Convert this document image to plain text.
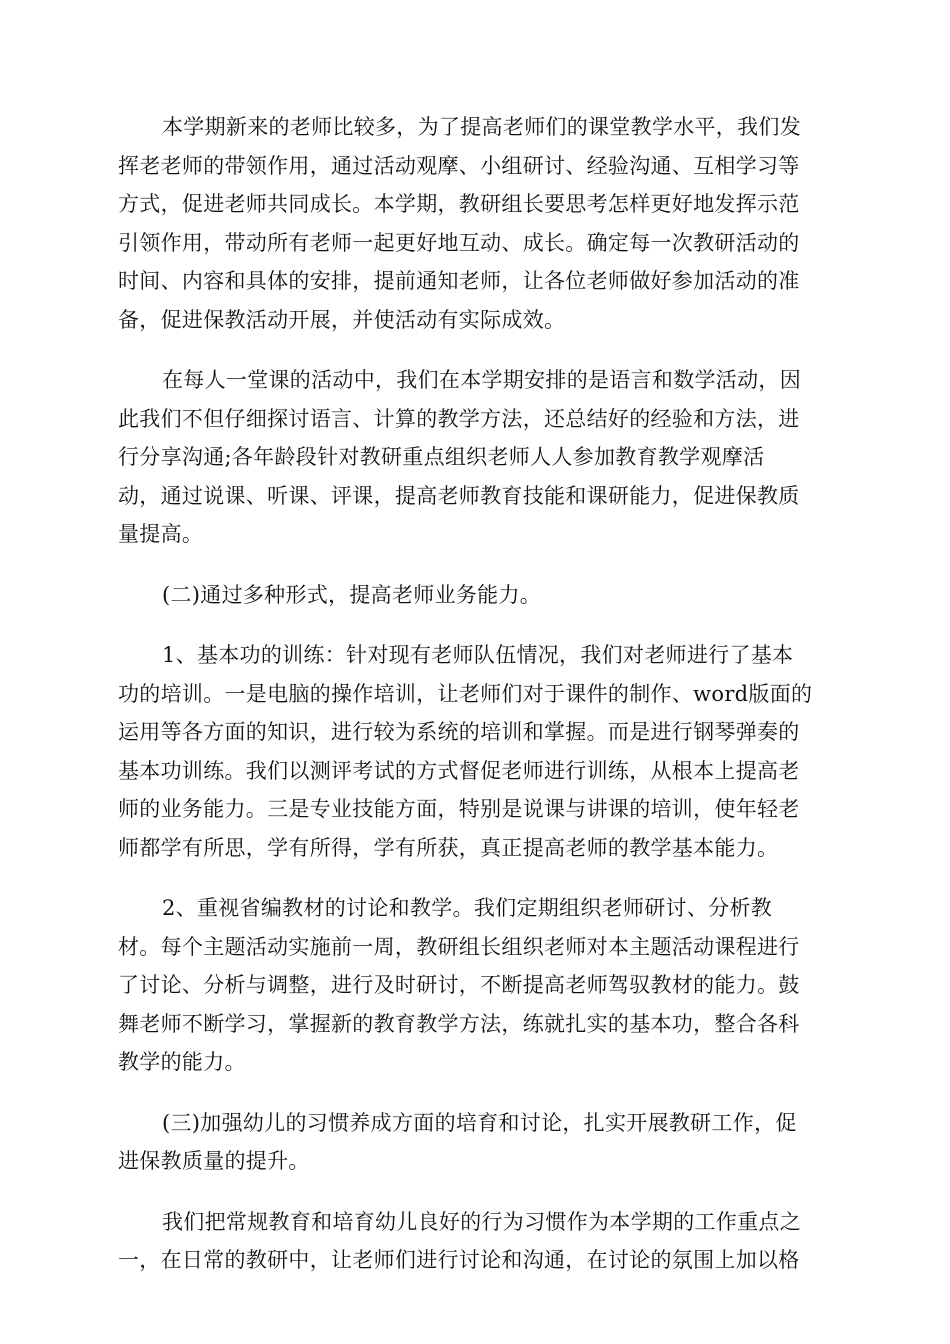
本学期新来的老师比较多，为了提高老师们的课堂教学水平，我们发
挥老老师的带领作用，通过活动观摩、小组研讨、经验沟通、互相学习等
方式，促进老师共同成长。本学期，教研组长要思考怎样更好地发挥示范
引领作用，带动所有老师一起更好地互动、成长。确定每一次教研活动的
时间、内容和具体的安排，提前通知老师，让各位老师做好参加活动的准
备，促进保教活动开展，并使活动有实际成效。

在每人一堂课的活动中，我们在本学期安排的是语言和数学活动，因
此我们不但仔细探讨语言、计算的教学方法，还总结好的经验和方法，进
行分享沟通;各年龄段针对教研重点组织老师人人参加教育教学观摩活
动，通过说课、听课、评课，提高老师教育技能和课研能力，促进保教质
量提高。

(二)通过多种形式，提高老师业务能力。

1、基本功的训练：针对现有老师队伍情况，我们对老师进行了基本
功的培训。一是电脑的操作培训，让老师们对于课件的制作、word版面的
运用等各方面的知识，进行较为系统的培训和掌握。而是进行钢琴弹奏的
基本功训练。我们以测评考试的方式督促老师进行训练，从根本上提高老
师的业务能力。三是专业技能方面，特别是说课与讲课的培训，使年轻老
师都学有所思，学有所得，学有所获，真正提高老师的教学基本能力。

2、重视省编教材的讨论和教学。我们定期组织老师研讨、分析教
材。每个主题活动实施前一周，教研组长组织老师对本主题活动课程进行
了讨论、分析与调整，进行及时研讨，不断提高老师驾驭教材的能力。鼓
舞老师不断学习，掌握新的教育教学方法，练就扎实的基本功，整合各科
教学的能力。

(三)加强幼儿的习惯养成方面的培育和讨论，扎实开展教研工作，促
进保教质量的提升。

我们把常规教育和培育幼儿良好的行为习惯作为本学期的工作重点之
一，在日常的教研中，让老师们进行讨论和沟通，在讨论的氛围上加以格
